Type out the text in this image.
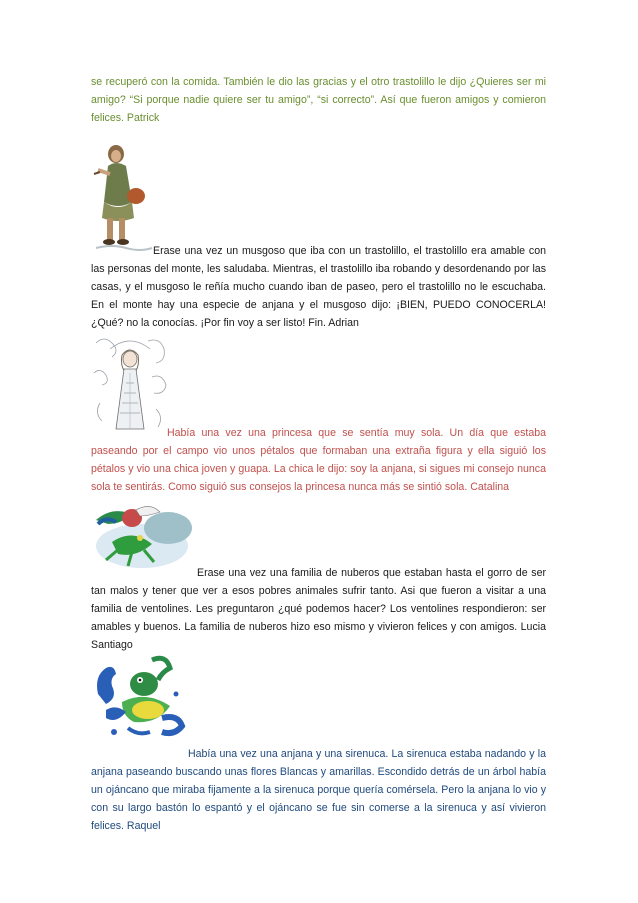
se recuperó con la comida. También le dio las gracias y el otro trastolillo le dijo ¿Quieres ser mi amigo? “Si porque nadie quiere ser tu amigo”, “si correcto”. Así que fueron amigos y comieron felices. Patrick

Erase una vez un musgoso que iba con un trastolillo, el trastolillo era amable con las personas del monte, les saludaba. Mientras, el trastolillo iba robando y desordenando por las casas, y el musgoso le reñía mucho cuando iban de paseo, pero el trastolillo no le escuchaba. En el monte hay una especie de anjana y el musgoso dijo: ¡BIEN, PUEDO CONOCERLA! ¿Qué? no la conocías. ¡Por fin voy a ser listo! Fin. Adrian

Había una vez una princesa que se sentía muy sola. Un día que estaba paseando por el campo vio unos pétalos que formaban una extraña figura y ella siguió los pétalos y vio una chica joven y guapa. La chica le dijo: soy la anjana, si sigues mi consejo nunca sola te sentirás. Como siguió sus consejos la princesa nunca más se sintió sola. Catalina

Erase una vez una familia de nuberos que estaban hasta el gorro de ser tan malos y tener que ver a esos pobres animales sufrir tanto. Asi que fueron a visitar a una familia de ventolines. Les preguntaron ¿qué podemos hacer? Los ventolines respondieron: ser amables y buenos. La familia de nuberos hizo eso mismo y vivieron felices y con amigos. Lucia Santiago

Había una vez una anjana y una sirenuca. La sirenuca estaba nadando y la anjana paseando buscando unas flores Blancas y amarillas. Escondido detrás de un árbol había un ojáncano que miraba fijamente a la sirenuca porque quería comérsela. Pero la anjana lo vio y con su largo bastón lo espantó y el ojáncano se fue sin comerse a la sirenuca y así vivieron felices. Raquel
